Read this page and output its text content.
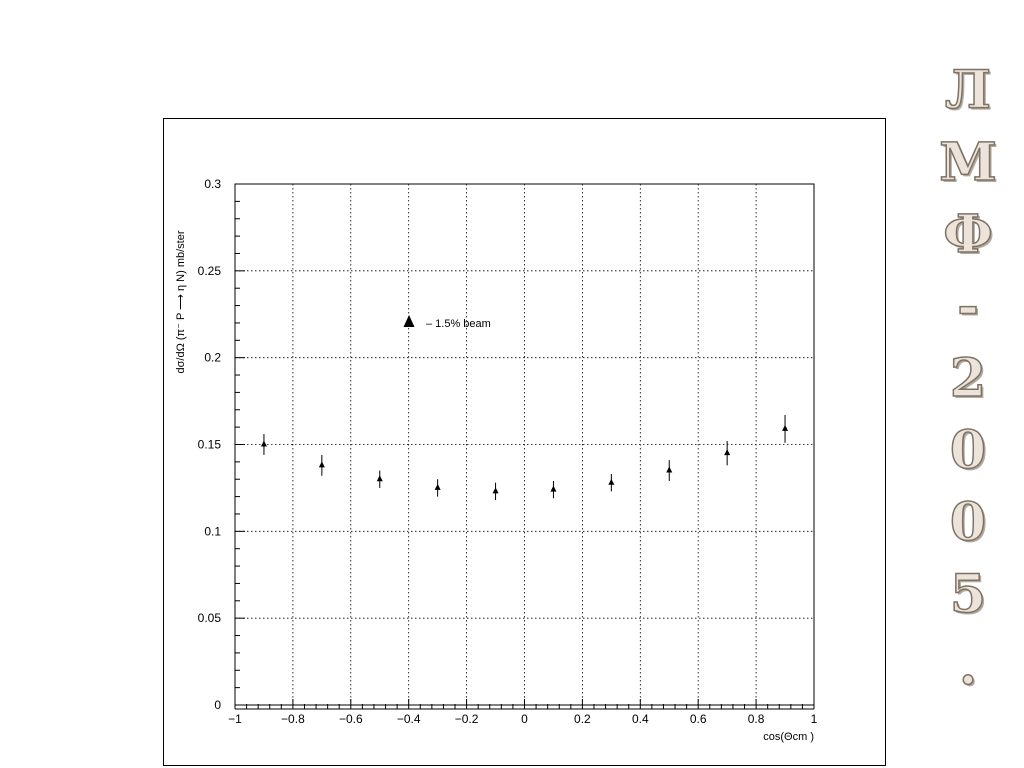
0
0.05
0.1
0.15
0.2
0.25
0.3
−1	−0.8	−0.6	−0.4	−0.2	0	0.2	0.4	0.6	0.8	1
– 1.5% beam
cos(Θcm )
dσ/dΩ (π⁻ P ⟶ η N) mb/ster
Л
М
Ф
-
2
0
0
5
.
